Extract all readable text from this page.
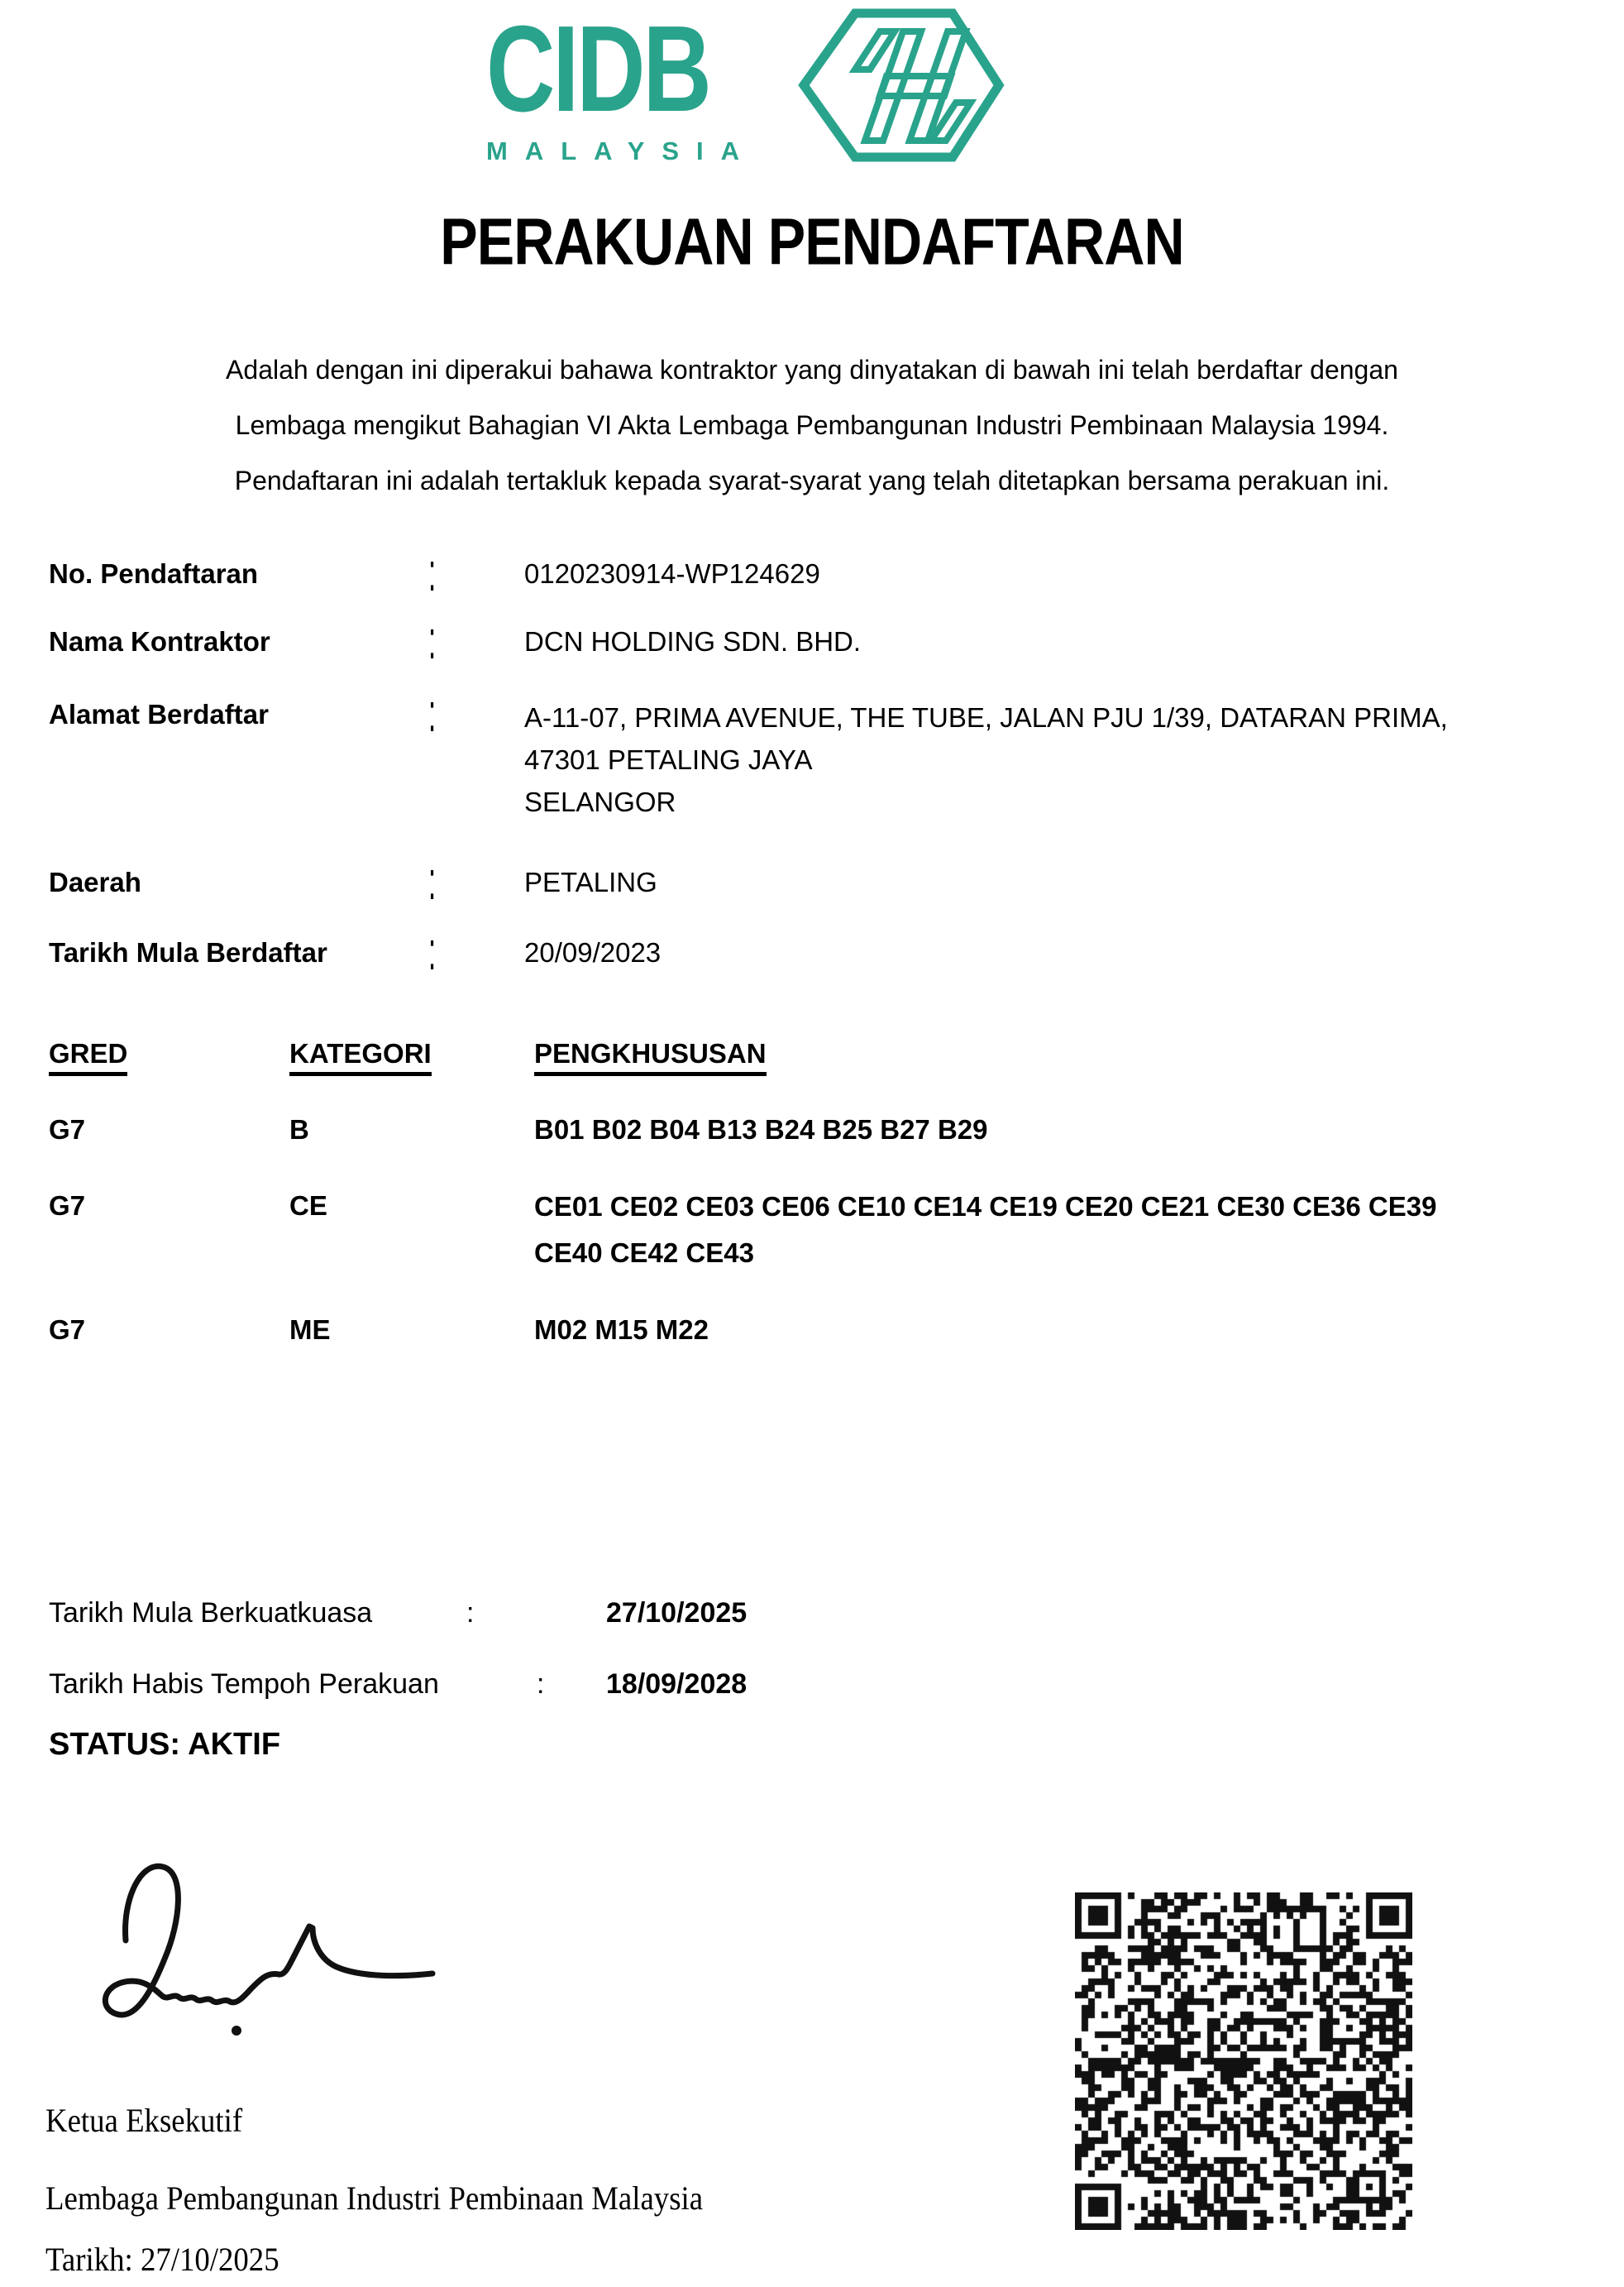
CIDB
MALAYSIA
PERAKUAN PENDAFTARAN
Adalah dengan ini diperakui bahawa kontraktor yang dinyatakan di bawah ini telah berdaftar dengan
Lembaga mengikut Bahagian VI Akta Lembaga Pembangunan Industri Pembinaan Malaysia 1994.
Pendaftaran ini adalah tertakluk kepada syarat-syarat yang telah ditetapkan bersama perakuan ini.
No. Pendaftaran	:	0120230914-WP124629
Nama Kontraktor	:	DCN HOLDING SDN. BHD.
Alamat Berdaftar	:	A-11-07, PRIMA AVENUE, THE TUBE, JALAN PJU 1/39, DATARAN PRIMA,
47301 PETALING JAYA
SELANGOR
Daerah	:	PETALING
Tarikh Mula Berdaftar	:	20/09/2023
GRED	KATEGORI	PENGKHUSUSAN
G7	B	B01 B02 B04 B13 B24 B25 B27 B29
G7	CE	CE01 CE02 CE03 CE06 CE10 CE14 CE19 CE20 CE21 CE30 CE36 CE39
CE40 CE42 CE43
G7	ME	M02 M15 M22
Tarikh Mula Berkuatkuasa	:	27/10/2025
Tarikh Habis Tempoh Perakuan	: 18/09/2028
STATUS: AKTIF
Ketua Eksekutif
Lembaga Pembangunan Industri Pembinaan Malaysia
Tarikh: 27/10/2025
